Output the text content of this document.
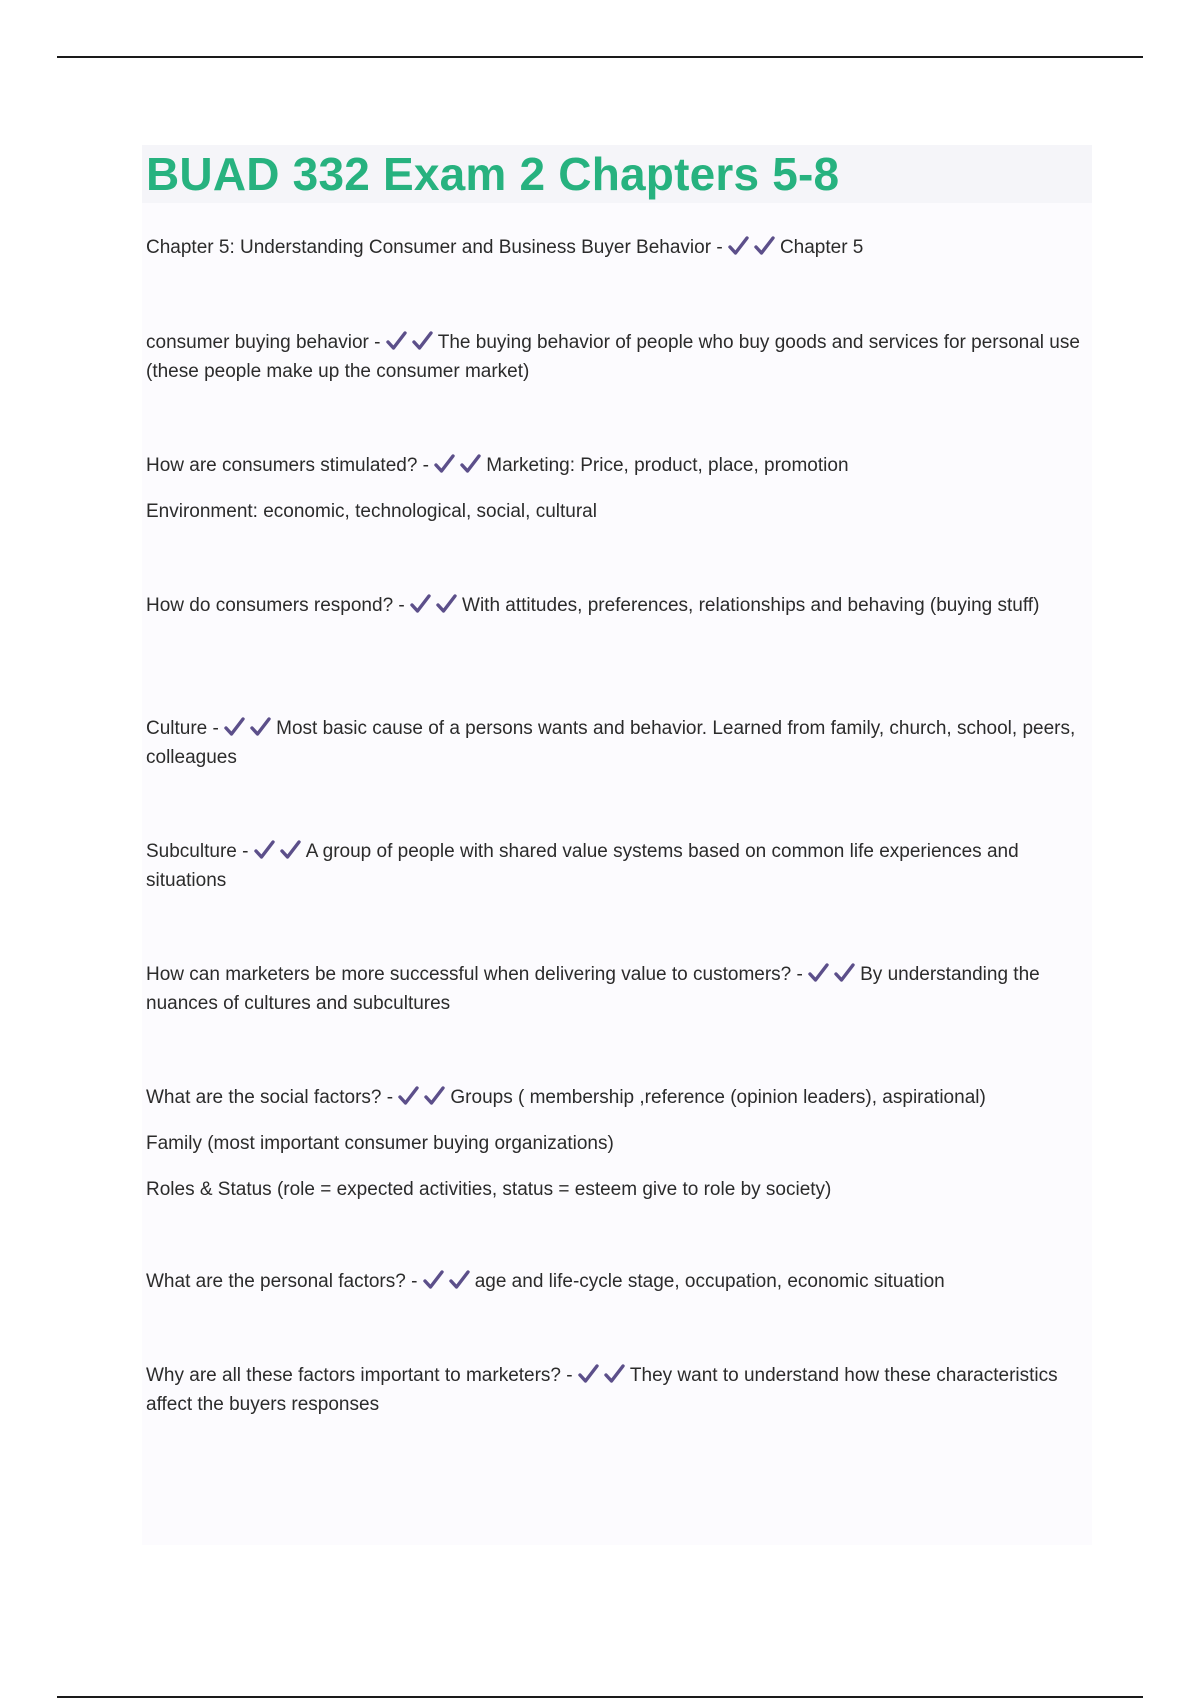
BUAD 332 Exam 2 Chapters 5-8

Chapter 5: Understanding Consumer and Business Buyer Behavior -	Chapter 5

consumer buying behavior -	The buying behavior of people who buy goods and services for personal use (these people make up the consumer market)

How are consumers stimulated? -	Marketing: Price, product, place, promotion

Environment: economic, technological, social, cultural

How do consumers respond? -	With attitudes, preferences, relationships and behaving (buying stuff)

Culture -	Most basic cause of a persons wants and behavior. Learned from family, church, school, peers, colleagues

Subculture -	A group of people with shared value systems based on common life experiences and situations

How can marketers be more successful when delivering value to customers? -	By understanding the nuances of cultures and subcultures

What are the social factors? -	Groups ( membership ,reference (opinion leaders), aspirational)

Family (most important consumer buying organizations)

Roles & Status (role = expected activities, status = esteem give to role by society)

What are the personal factors? -	age and life-cycle stage, occupation, economic situation

Why are all these factors important to marketers? -	They want to understand how these characteristics affect the buyers responses
